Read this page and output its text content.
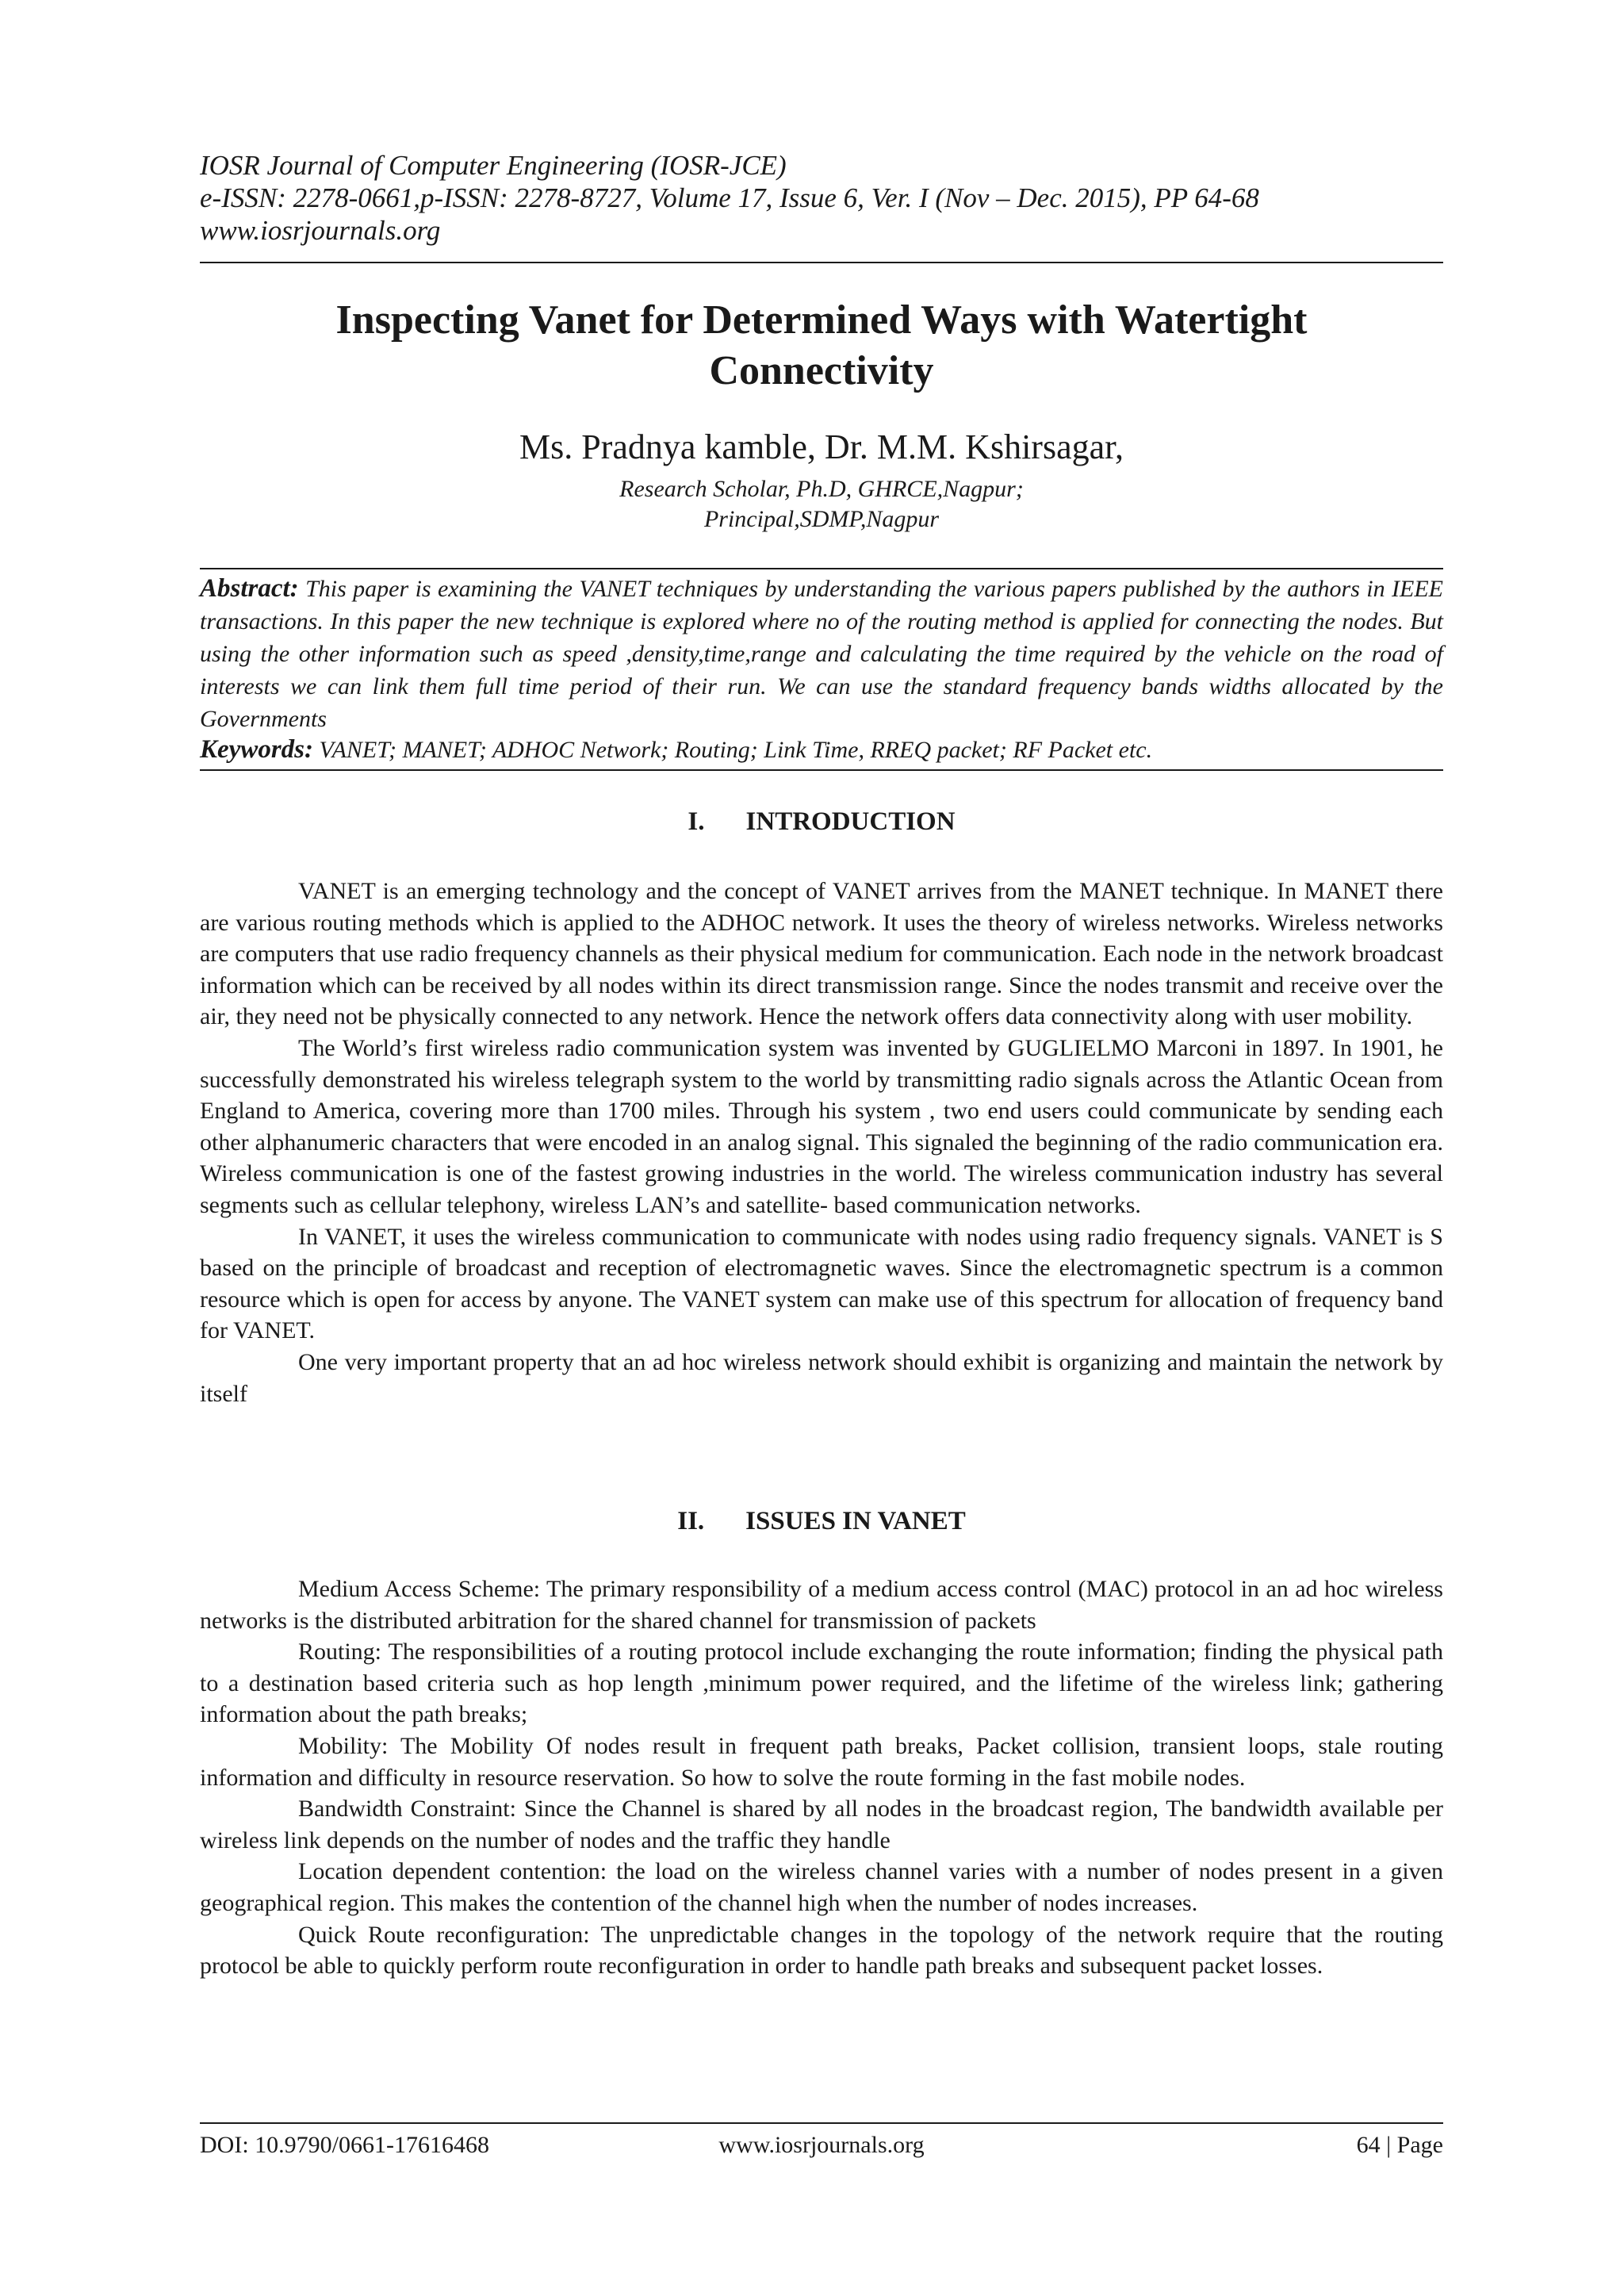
IOSR Journal of Computer Engineering (IOSR-JCE)
e-ISSN: 2278-0661,p-ISSN: 2278-8727, Volume 17, Issue 6, Ver. I (Nov – Dec. 2015), PP 64-68
www.iosrjournals.org
Inspecting Vanet for Determined Ways with Watertight
Connectivity
Ms. Pradnya kamble, Dr. M.M. Kshirsagar,
Research Scholar, Ph.D, GHRCE,Nagpur;
Principal,SDMP,Nagpur

Abstract: This paper is examining the VANET techniques by understanding the various papers published by the authors in IEEE transactions. In this paper the new technique is explored where no of the routing method is applied for connecting the nodes. But using the other information such as speed ,density,time,range and calculating the time required by the vehicle on the road of interests we can link them full time period of their run. We can use the standard frequency bands widths allocated by the Governments

Keywords: VANET; MANET; ADHOC Network; Routing; Link Time, RREQ packet; RF Packet etc.

I. INTRODUCTION

VANET is an emerging technology and the concept of VANET arrives from the MANET technique. In MANET there are various routing methods which is applied to the ADHOC network. It uses the theory of wireless networks. Wireless networks are computers that use radio frequency channels as their physical medium for communication. Each node in the network broadcast information which can be received by all nodes within its direct transmission range. Since the nodes transmit and receive over the air, they need not be physically connected to any network. Hence the network offers data connectivity along with user mobility.

The World’s first wireless radio communication system was invented by GUGLIELMO Marconi in 1897. In 1901, he successfully demonstrated his wireless telegraph system to the world by transmitting radio signals across the Atlantic Ocean from England to America, covering more than 1700 miles. Through his system , two end users could communicate by sending each other alphanumeric characters that were encoded in an analog signal. This signaled the beginning of the radio communication era. Wireless communication is one of the fastest growing industries in the world. The wireless communication industry has several segments such as cellular telephony, wireless LAN’s and satellite- based communication networks.

In VANET, it uses the wireless communication to communicate with nodes using radio frequency signals. VANET is S based on the principle of broadcast and reception of electromagnetic waves. Since the electromagnetic spectrum is a common resource which is open for access by anyone. The VANET system can make use of this spectrum for allocation of frequency band for VANET.

One very important property that an ad hoc wireless network should exhibit is organizing and maintain the network by itself

II. ISSUES IN VANET

Medium Access Scheme: The primary responsibility of a medium access control (MAC) protocol in an ad hoc wireless networks is the distributed arbitration for the shared channel for transmission of packets

Routing: The responsibilities of a routing protocol include exchanging the route information; finding the physical path to a destination based criteria such as hop length ,minimum power required, and the lifetime of the wireless link; gathering information about the path breaks;

Mobility: The Mobility Of nodes result in frequent path breaks, Packet collision, transient loops, stale routing information and difficulty in resource reservation. So how to solve the route forming in the fast mobile nodes.

Bandwidth Constraint: Since the Channel is shared by all nodes in the broadcast region, The bandwidth available per wireless link depends on the number of nodes and the traffic they handle

Location dependent contention: the load on the wireless channel varies with a number of nodes present in a given geographical region. This makes the contention of the channel high when the number of nodes increases.

Quick Route reconfiguration: The unpredictable changes in the topology of the network require that the routing protocol be able to quickly perform route reconfiguration in order to handle path breaks and subsequent packet losses.

DOI: 10.9790/0661-17616468	www.iosrjournals.org	64 | Page
